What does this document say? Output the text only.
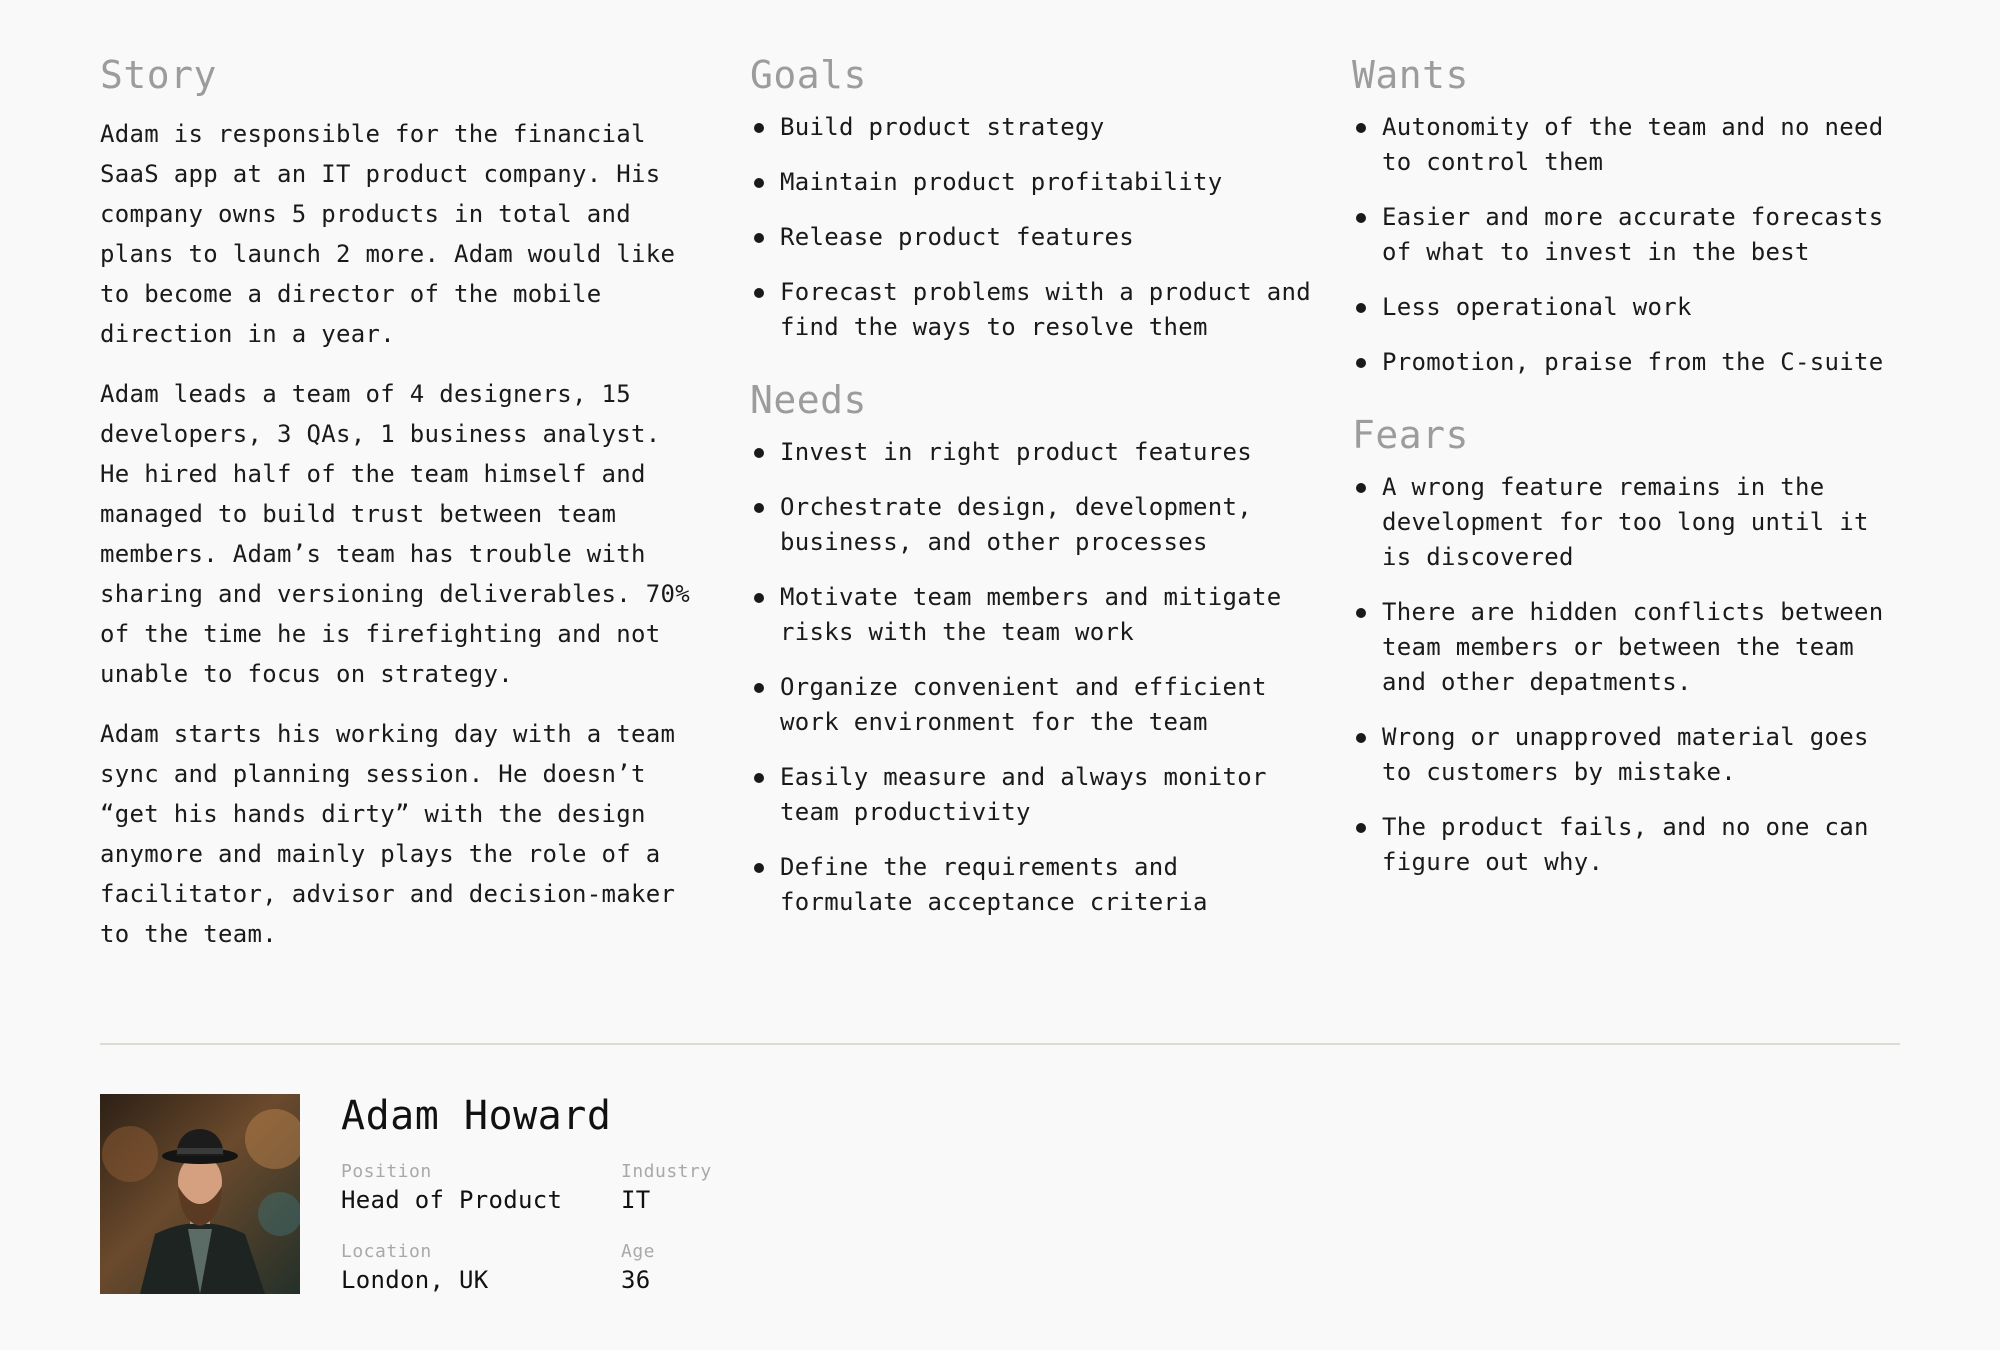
Story

Adam is responsible for the financial SaaS app at an IT product company. His company owns 5 products in total and plans to launch 2 more. Adam would like to become a director of the mobile direction in a year.

Adam leads a team of 4 designers, 15 developers, 3 QAs, 1 business analyst. He hired half of the team himself and managed to build trust between team members. Adam’s team has trouble with sharing and versioning deliverables. 70% of the time he is firefighting and not unable to focus on strategy.

Adam starts his working day with a team sync and planning session. He doesn’t “get his hands dirty” with the design anymore and mainly plays the role of a facilitator, advisor and decision-maker to the team.

Goals
Build product strategy
Maintain product profitability
Release product features
Forecast problems with a product and find the ways to resolve them
Needs
Invest in right product features
Orchestrate design, development, business, and other processes
Motivate team members and mitigate risks with the team work
Organize convenient and efficient work environment for the team
Easily measure and always monitor team productivity
Define the requirements and formulate acceptance criteria
Wants
Autonomity of the team and no need to control them
Easier and more accurate forecasts of what to invest in the best
Less operational work
Promotion, praise from the C-suite
Fears
A wrong feature remains in the development for too long until it is discovered
There are hidden conflicts between team members or between the team and other depatments.
Wrong or unapproved material goes to customers by mistake.
The product fails, and no one can figure out why.
Adam Howard
Position
Head of Product
Industry
IT
Location
London, UK
Age
36
